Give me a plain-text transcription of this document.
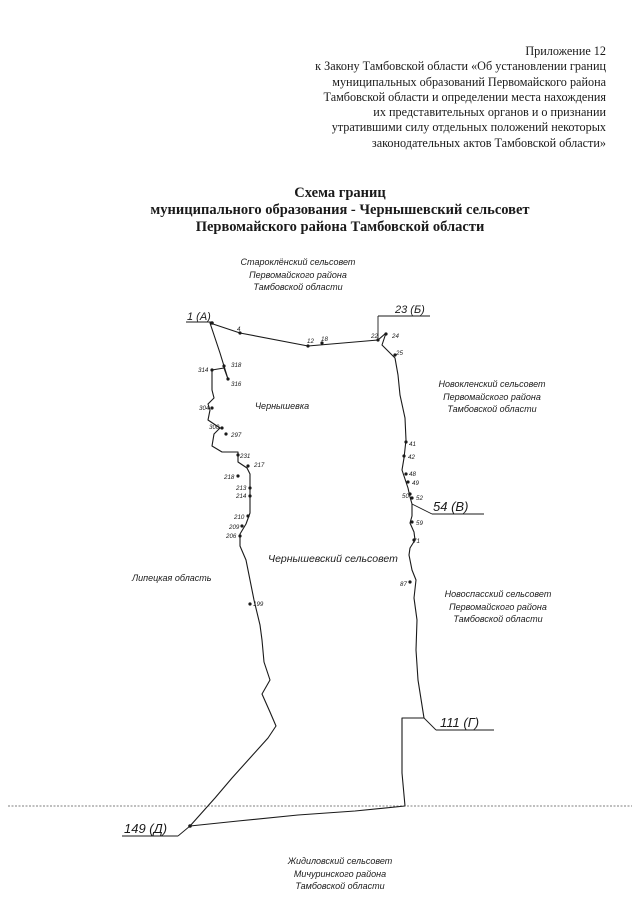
Приложение 12
к Закону Тамбовской области «Об установлении границ
муниципальных образований Первомайского района
Тамбовской области и определении места нахождения
их представительных органов и о признании
утратившими силу отдельных положений некоторых
законодательных актов Тамбовской области»
Схема границ
муниципального образования - Чернышевский сельсовет
Первомайского района Тамбовской области
Староклёнский сельсовет
Первомайского района
Тамбовской области
Новокленский сельсовет
Первомайского района
Тамбовской области
Новоспасский сельсовет
Первомайского района
Тамбовской области
Липецкая область
Жидиловский сельсовет
Мичуринского района
Тамбовской области
1 (А)
23 (Б)
54 (В)
111 (Г)
149 (Д)
Чернышевка
Чернышевский сельсовет
4
12 18	22 24
25
41
42
48
49
50 52
59
71
87
318
314
316
304
300
297
231
217
218
213
214
210
209
206
199
